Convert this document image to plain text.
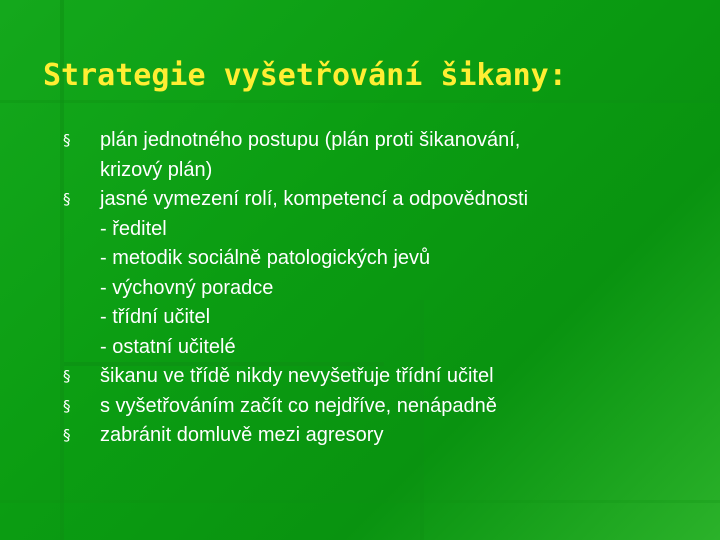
Strategie vyšetřování šikany:
§ plán jednotného postupu (plán proti šikanování,
krizový plán)
§ jasné vymezení rolí, kompetencí a odpovědnosti
- ředitel
- metodik sociálně patologických jevů
- výchovný poradce
- třídní učitel
- ostatní učitelé
§ šikanu ve třídě nikdy nevyšetřuje třídní učitel
§ s vyšetřováním začít co nejdříve, nenápadně
§ zabránit domluvě mezi agresory
